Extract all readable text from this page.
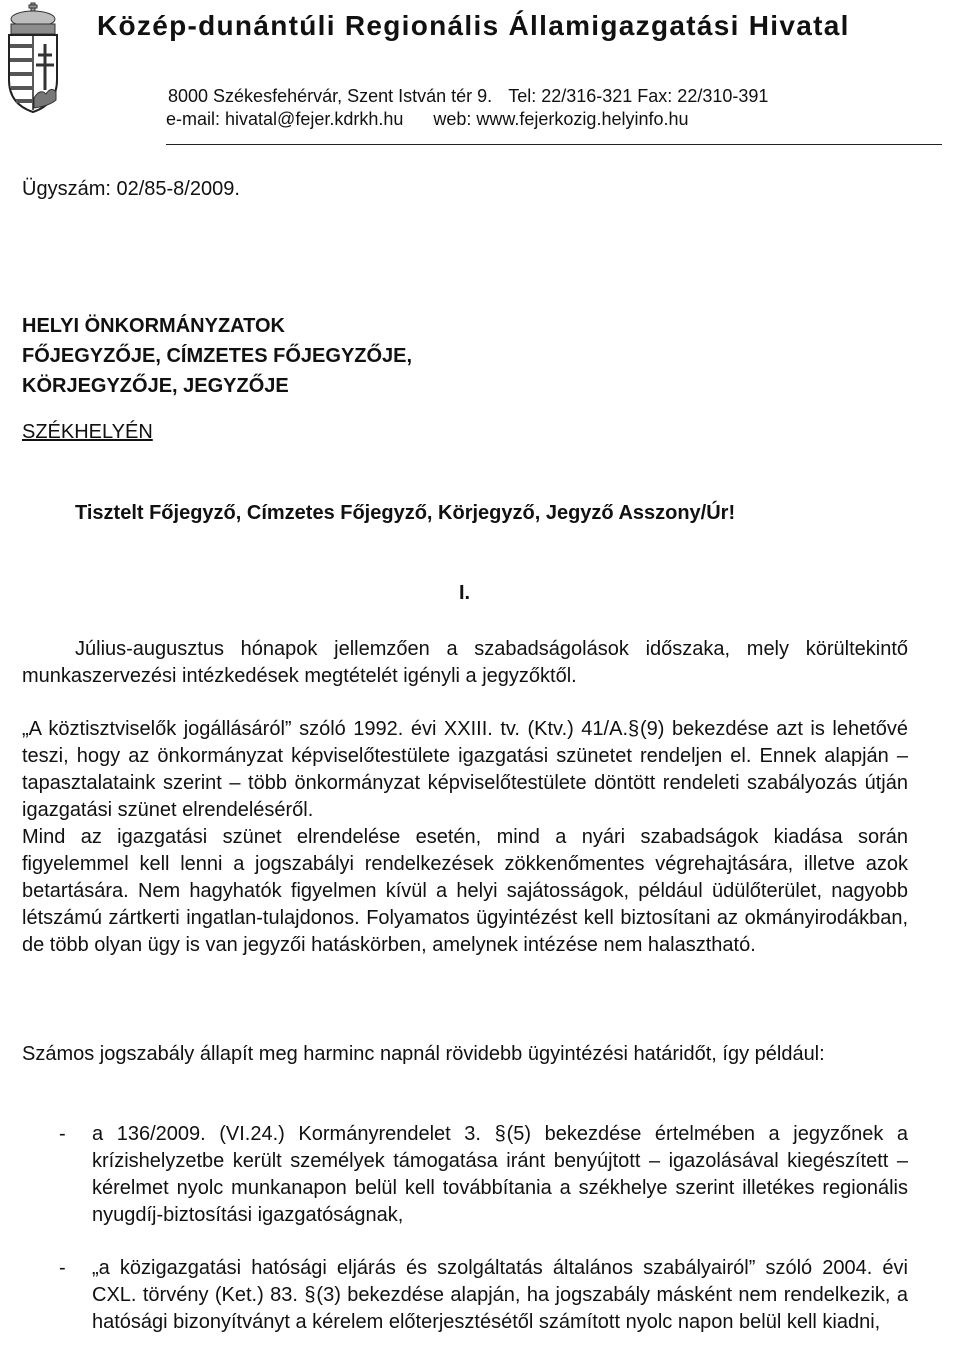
Közép-dunántúli Regionális Államigazgatási Hivatal
8000 Székesfehérvár, Szent István tér 9. Tel: 22/316-321 Fax: 22/310-391
e-mail: hivatal@fejer.kdrkh.hu web: www.fejerkozig.helyinfo.hu
Ügyszám: 02/85-8/2009.
HELYI ÖNKORMÁNYZATOK
FŐJEGYZŐJE, CÍMZETES FŐJEGYZŐJE,
KÖRJEGYZŐJE, JEGYZŐJE
SZÉKHELYÉN
Tisztelt Főjegyző, Címzetes Főjegyző, Körjegyző, Jegyző Asszony/Úr!
I.

Július-augusztus hónapok jellemzően a szabadságolások időszaka, mely körültekintő munkaszervezési intézkedések megtételét igényli a jegyzőktől.

„A köztisztviselők jogállásáról” szóló 1992. évi XXIII. tv. (Ktv.) 41/A.§(9) bekezdése azt is lehetővé teszi, hogy az önkormányzat képviselőtestülete igazgatási szünetet rendeljen el. Ennek alapján – tapasztalataink szerint – több önkormányzat képviselőtestülete döntött rendeleti szabályozás útján igazgatási szünet elrendeléséről.
Mind az igazgatási szünet elrendelése esetén, mind a nyári szabadságok kiadása során figyelemmel kell lenni a jogszabályi rendelkezések zökkenőmentes végrehajtására, illetve azok betartására. Nem hagyhatók figyelmen kívül a helyi sajátosságok, például üdülőterület, nagyobb létszámú zártkerti ingatlan-tulajdonos. Folyamatos ügyintézést kell biztosítani az okmányirodákban, de több olyan ügy is van jegyzői hatáskörben, amelynek intézése nem halasztható.

Számos jogszabály állapít meg harminc napnál rövidebb ügyintézési határidőt, így például:

- a 136/2009. (VI.24.) Kormányrendelet 3. §(5) bekezdése értelmében a jegyzőnek a krízishelyzetbe került személyek támogatása iránt benyújtott – igazolásával kiegészített – kérelmet nyolc munkanapon belül kell továbbítania a székhelye szerint illetékes regionális nyugdíj-biztosítási igazgatóságnak,
- „a közigazgatási hatósági eljárás és szolgáltatás általános szabályairól” szóló 2004. évi CXL. törvény (Ket.) 83. §(3) bekezdése alapján, ha jogszabály másként nem rendelkezik, a hatósági bizonyítványt a kérelem előterjesztésétől számított nyolc napon belül kell kiadni,
